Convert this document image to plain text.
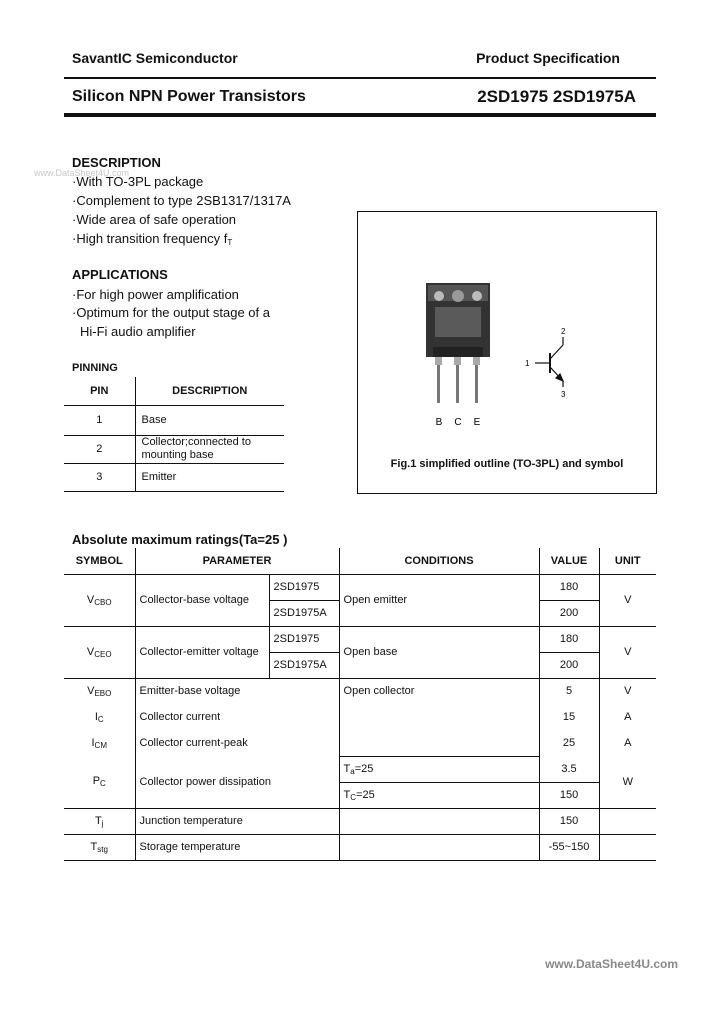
SavantIC Semiconductor	Product Specification
Silicon NPN Power Transistors	2SD1975 2SD1975A
www.DataSheet4U.com
DESCRIPTION
·With TO-3PL package
·Complement to type 2SB1317/1317A
·Wide area of safe operation
·High transition frequency $f_T$
APPLICATIONS
·For high power amplification
·Optimum for the output stage of a
Hi-Fi audio amplifier
PINNING
PIN	DESCRIPTION
1	Base
2	Collector;connected to mounting base
3	Emitter
B C E
1
2
3
Fig.1 simplified outline (TO-3PL) and symbol
Absolute maximum ratings(Ta=25 )
SYMBOL	PARAMETER		CONDITIONS	VALUE	UNIT
$V_{CBO}$	Collector-base voltage	2SD1975	Open emitter	180	V
		2SD1975A		200	
$V_{CEO}$	Collector-emitter voltage	2SD1975	Open base	180	V
		2SD1975A		200	
$V_{EBO}$	Emitter-base voltage		Open collector	5	V
$I_C$	Collector current			15	A
$I_{CM}$	Collector current-peak			25	A
$P_C$	Collector power dissipation		$T_a=25$	3.5	W
			$T_C=25$	150	
$T_j$	Junction temperature			150	
$T_{stg}$	Storage temperature			-55~150	
www.DataSheet4U.com
